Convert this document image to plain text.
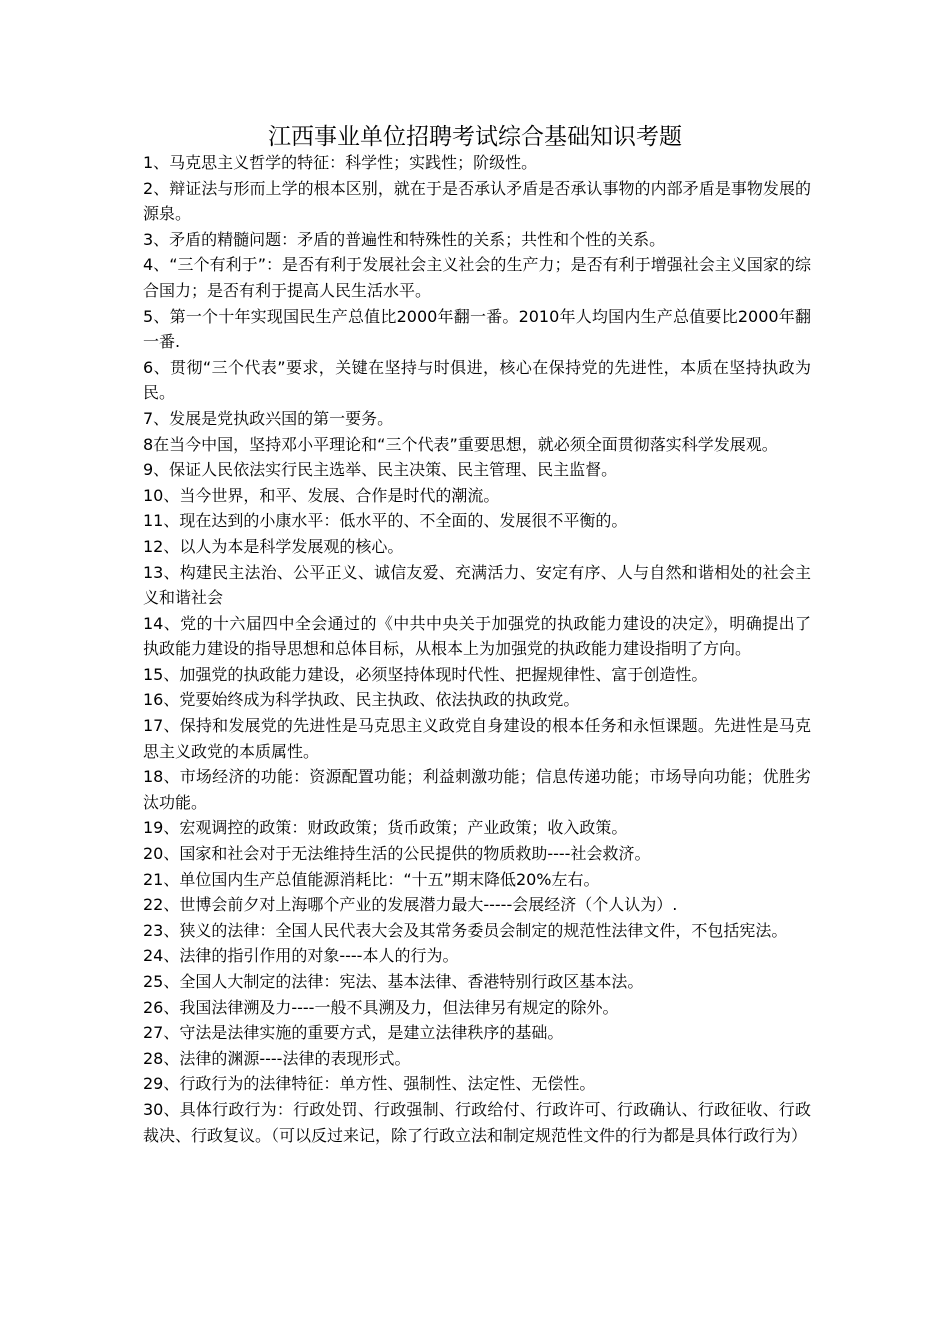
江西事业单位招聘考试综合基础知识考题

1、马克思主义哲学的特征：科学性；实践性；阶级性。

2、辩证法与形而上学的根本区别，就在于是否承认矛盾是否承认事物的内部矛盾是事物发展的源泉。

3、矛盾的精髓问题：矛盾的普遍性和特殊性的关系；共性和个性的关系。

4、“三个有利于”：是否有利于发展社会主义社会的生产力；是否有利于增强社会主义国家的综合国力；是否有利于提高人民生活水平。

5、第一个十年实现国民生产总值比2000年翻一番。2010年人均国内生产总值要比2000年翻一番.

6、贯彻“三个代表”要求，关键在坚持与时俱进，核心在保持党的先进性，本质在坚持执政为民。

7、发展是党执政兴国的第一要务。

8在当今中国，坚持邓小平理论和“三个代表”重要思想，就必须全面贯彻落实科学发展观。

9、保证人民依法实行民主选举、民主决策、民主管理、民主监督。

10、当今世界，和平、发展、合作是时代的潮流。

11、现在达到的小康水平：低水平的、不全面的、发展很不平衡的。

12、以人为本是科学发展观的核心。

13、构建民主法治、公平正义、诚信友爱、充满活力、安定有序、人与自然和谐相处的社会主义和谐社会

14、党的十六届四中全会通过的《中共中央关于加强党的执政能力建设的决定》，明确提出了执政能力建设的指导思想和总体目标，从根本上为加强党的执政能力建设指明了方向。

15、加强党的执政能力建设，必须坚持体现时代性、把握规律性、富于创造性。

16、党要始终成为科学执政、民主执政、依法执政的执政党。

17、保持和发展党的先进性是马克思主义政党自身建设的根本任务和永恒课题。先进性是马克思主义政党的本质属性。

18、市场经济的功能：资源配置功能；利益刺激功能；信息传递功能；市场导向功能；优胜劣汰功能。

19、宏观调控的政策：财政政策；货币政策；产业政策；收入政策。

20、国家和社会对于无法维持生活的公民提供的物质救助----社会救济。

21、单位国内生产总值能源消耗比：“十五”期末降低20%左右。

22、世博会前夕对上海哪个产业的发展潜力最大-----会展经济（个人认为）.

23、狭义的法律：全国人民代表大会及其常务委员会制定的规范性法律文件，不包括宪法。

24、法律的指引作用的对象----本人的行为。

25、全国人大制定的法律：宪法、基本法律、香港特别行政区基本法。

26、我国法律溯及力----一般不具溯及力，但法律另有规定的除外。

27、守法是法律实施的重要方式，是建立法律秩序的基础。

28、法律的渊源----法律的表现形式。

29、行政行为的法律特征：单方性、强制性、法定性、无偿性。

30、具体行政行为：行政处罚、行政强制、行政给付、行政许可、行政确认、行政征收、行政裁决、行政复议。（可以反过来记，除了行政立法和制定规范性文件的行为都是具体行政行为）
